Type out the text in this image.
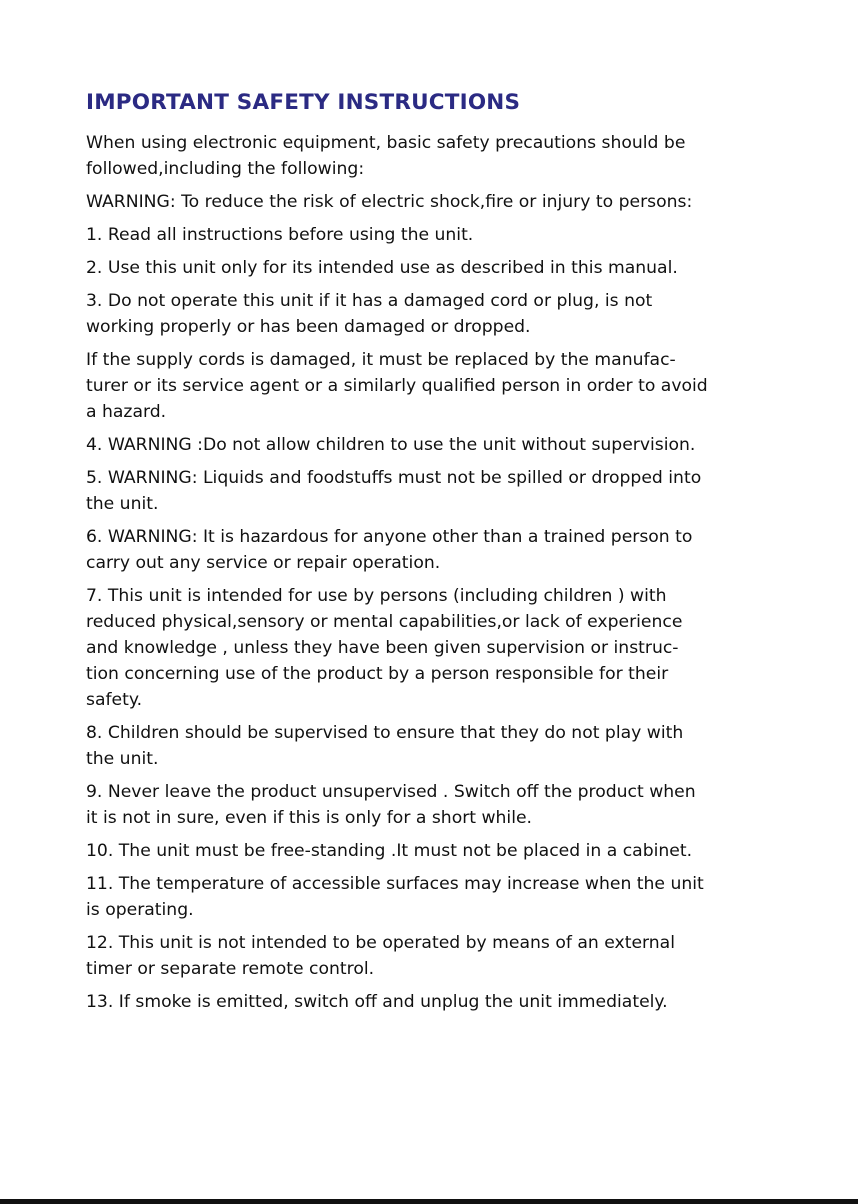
IMPORTANT SAFETY INSTRUCTIONS

When using electronic equipment, basic safety precautions should be
followed,including the following:

WARNING: To reduce the risk of electric shock,fire or injury to persons:

1. Read all instructions before using the unit.

2. Use this unit only for its intended use as described in this manual.

3. Do not operate this unit if it has a damaged cord or plug, is not
working properly or has been damaged or dropped.

If the supply cords is damaged, it must be replaced by the manufac-
turer or its service agent or a similarly qualified person in order to avoid
a hazard.

4. WARNING :Do not allow children to use the unit without supervision.

5. WARNING: Liquids and foodstuffs must not be spilled or dropped into
the unit.

6. WARNING: It is hazardous for anyone other than a trained person to
carry out any service or repair operation.

7. This unit is intended for use by persons (including children ) with
reduced physical,sensory or mental capabilities,or lack of experience
and knowledge , unless they have been given supervision or instruc-
tion concerning use of the product by a person responsible for their
safety.

8. Children should be supervised to ensure that they do not play with
the unit.

9. Never leave the product unsupervised . Switch off the product when
it is not in sure, even if this is only for a short while.

10. The unit must be free-standing .It must not be placed in a cabinet.

11. The temperature of accessible surfaces may increase when the unit
is operating.

12. This unit is not intended to be operated by means of an external
timer or separate remote control.

13. If smoke is emitted, switch off and unplug the unit immediately.
